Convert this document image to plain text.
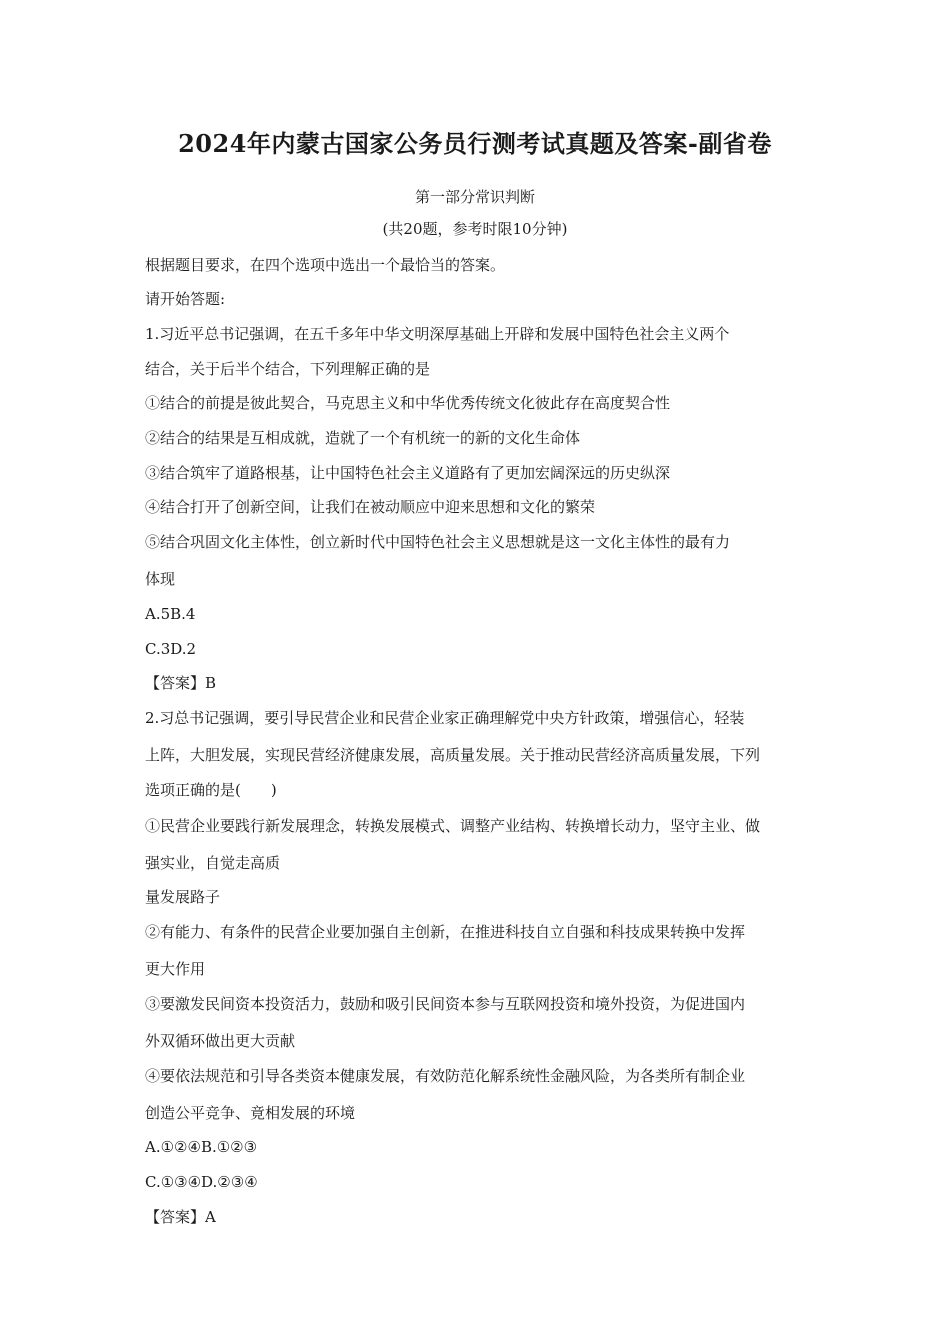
2024年内蒙古国家公务员行测考试真题及答案-副省卷
第一部分常识判断
(共20题，参考时限10分钟)
根据题目要求，在四个选项中选出一个最恰当的答案。
请开始答题:
1.习近平总书记强调，在五千多年中华文明深厚基础上开辟和发展中国特色社会主义两个
结合，关于后半个结合，下列理解正确的是
①结合的前提是彼此契合，马克思主义和中华优秀传统文化彼此存在高度契合性
②结合的结果是互相成就，造就了一个有机统一的新的文化生命体
③结合筑牢了道路根基，让中国特色社会主义道路有了更加宏阔深远的历史纵深
④结合打开了创新空间，让我们在被动顺应中迎来思想和文化的繁荣
⑤结合巩固文化主体性，创立新时代中国特色社会主义思想就是这一文化主体性的最有力
体现
A.5B.4
C.3D.2
【答案】B
2.习总书记强调，要引导民营企业和民营企业家正确理解党中央方针政策，增强信心，轻装
上阵，大胆发展，实现民营经济健康发展，高质量发展。关于推动民营经济高质量发展，下列
选项正确的是(　　)
①民营企业要践行新发展理念，转换发展模式、调整产业结构、转换增长动力，坚守主业、做
强实业，自觉走高质
量发展路子
②有能力、有条件的民营企业要加强自主创新，在推进科技自立自强和科技成果转换中发挥
更大作用
③要激发民间资本投资活力，鼓励和吸引民间资本参与互联网投资和境外投资，为促进国内
外双循环做出更大贡献
④要依法规范和引导各类资本健康发展，有效防范化解系统性金融风险，为各类所有制企业
创造公平竞争、竟相发展的环境
A.①②④B.①②③
C.①③④D.②③④
【答案】A
